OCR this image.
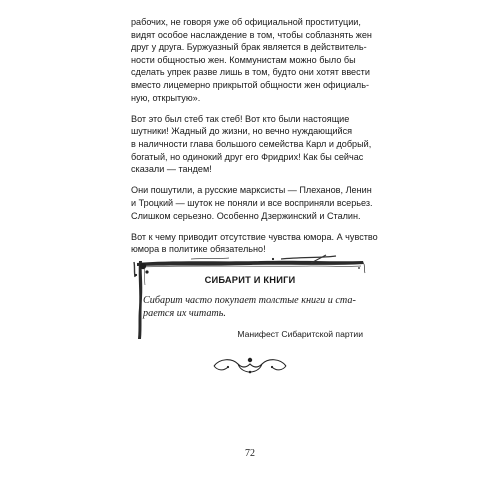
рабочих, не говоря уже об официальной проституции,
видят особое наслаждение в том, чтобы соблазнять жен
друг у друга. Буржуазный брак является в действитель-
ности общностью жен. Коммунистам можно было бы
сделать упрек разве лишь в том, будто они хотят ввести
вместо лицемерно прикрытой общности жен официаль-
ную, открытую».

Вот это был стеб так стеб! Вот кто были настоящие
шутники! Жадный до жизни, но вечно нуждающийся
в наличности глава большого семейства Карл и добрый,
богатый, но одинокий друг его Фридрих! Как бы сейчас
сказали — тандем!

Они пошутили, а русские марксисты — Плеханов, Ленин
и Троцкий — шуток не поняли и все восприняли всерьез.
Слишком серьезно. Особенно Дзержинский и Сталин.

Вот к чему приводит отсутствие чувства юмора. А чувство
юмора в политике обязательно!

СИБАРИТ И КНИГИ
Сибарит часто покупает толстые книги и ста-
рается их читать.
Манифест Сибаритской партии
72
